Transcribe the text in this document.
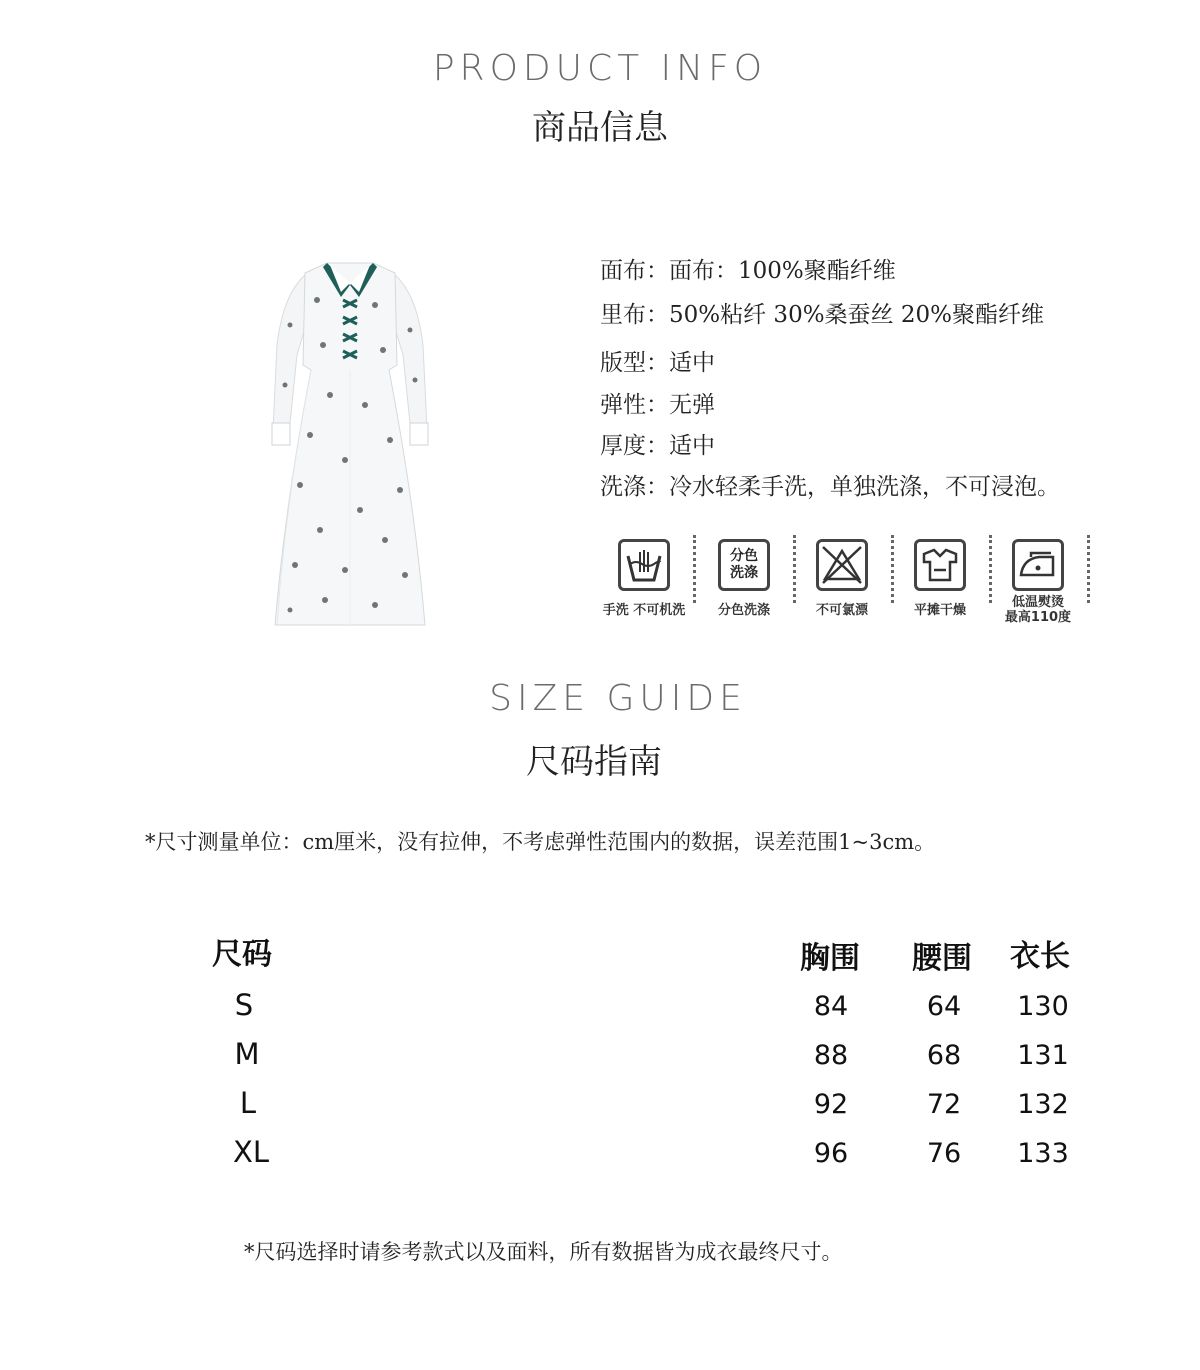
PRODUCT INFO
商品信息
面布：面布：100%聚酯纤维
里布：50%粘纤 30%桑蚕丝 20%聚酯纤维
版型：适中
弹性：无弹
厚度：适中
洗涤：冷水轻柔手洗，单独洗涤，不可浸泡。
手洗 不可机洗
分色
洗涤
分色洗涤	不可氯漂	平摊干燥
低温熨烫
最高110度
SIZE GUIDE
尺码指南
*尺寸测量单位：cm厘米，没有拉伸，不考虑弹性范围内的数据，误差范围1~3cm。
尺码	胸围 腰围 衣长
S	84	64	130
M	88	68	131
L	92	72	132
XL	96	76	133
*尺码选择时请参考款式以及面料，所有数据皆为成衣最终尺寸。
